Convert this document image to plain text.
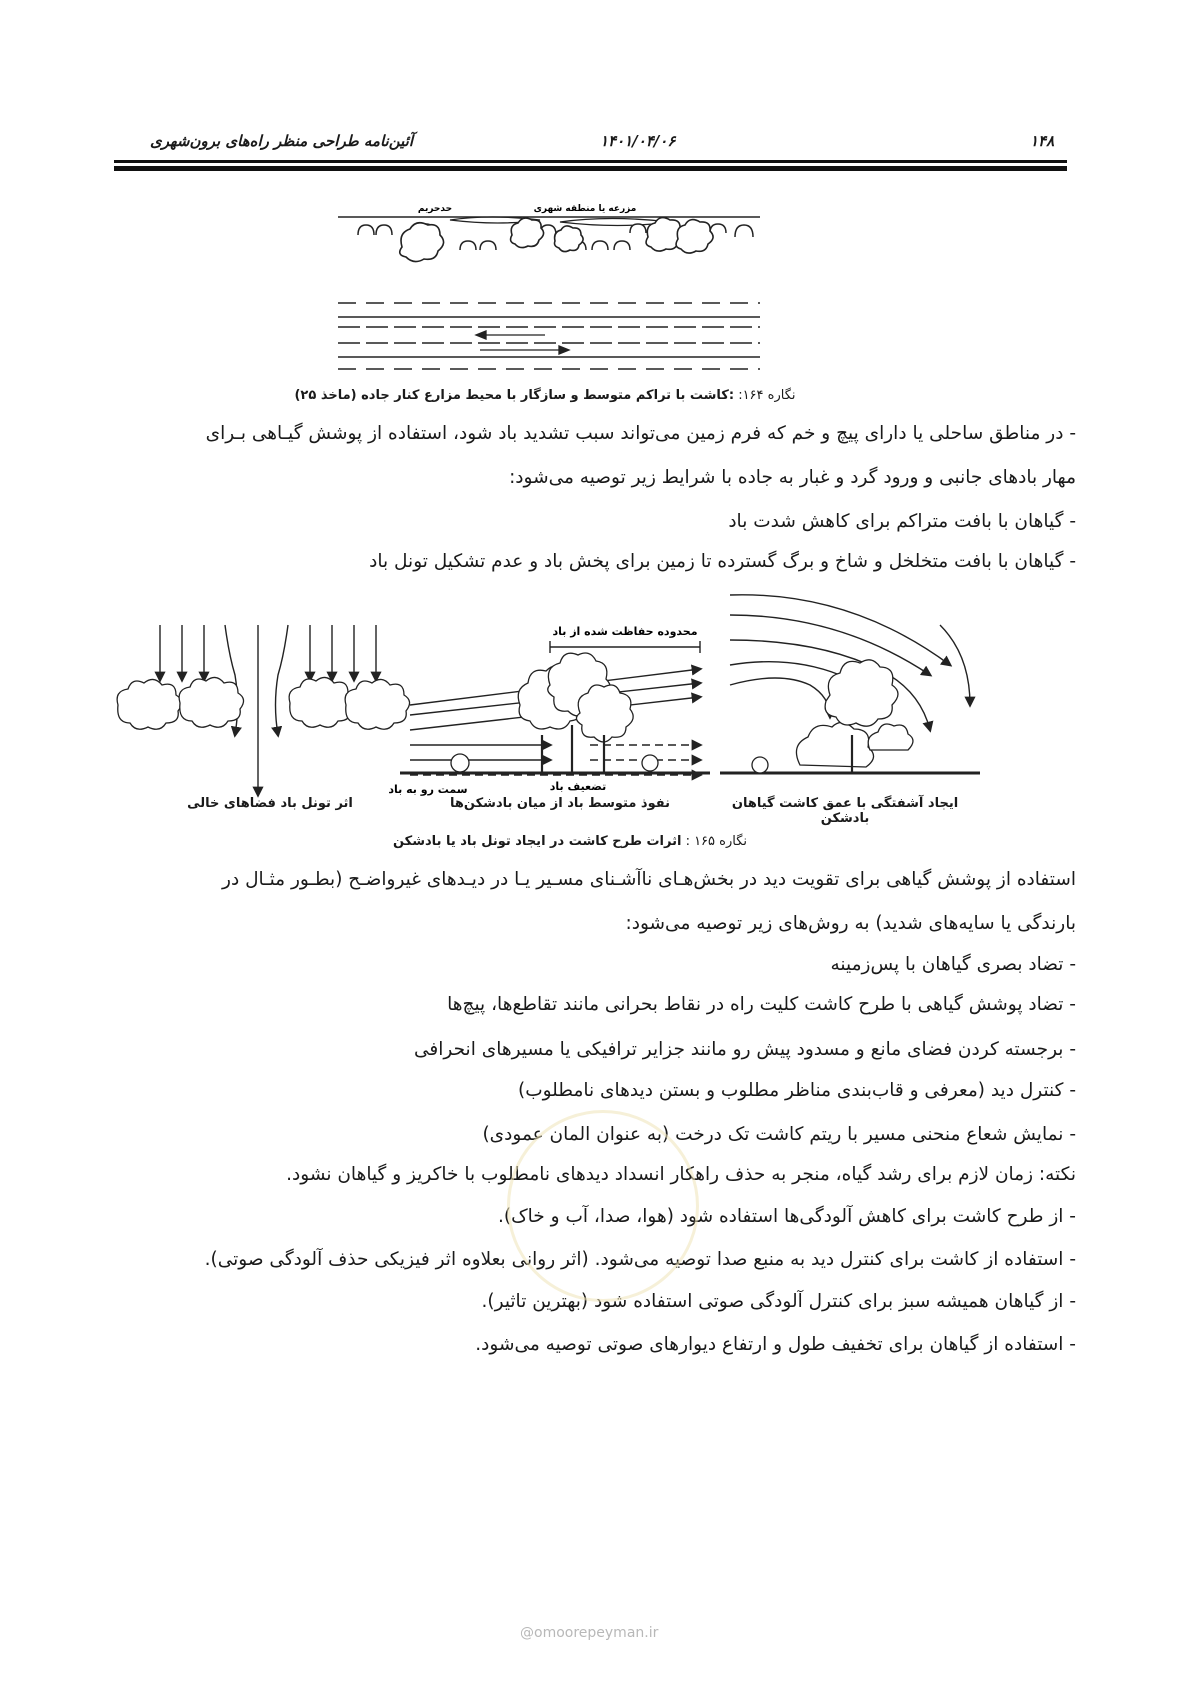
۱۴۸
۱۴۰۱/۰۴/۰۶
آئین‌نامه طراحی منظر راه‌های برون‌شهری
مزرعه یا منطقه شهری
حدحریم
نگاره ۱۶۴: :کاشت با تراکم متوسط و سازگار با محیط مزارع کنار جاده (ماخذ ۲۵)
- در مناطق ساحلی یا دارای پیچ و خم که فرم زمین می‌تواند سبب تشدید باد شود، استفاده از پوشش گیـاهی بـرای
مهار بادهای جانبی و ورود گرد و غبار به جاده با شرایط زیر توصیه می‌شود:
- گیاهان با بافت متراکم برای کاهش شدت باد
- گیاهان با بافت متخلخل و شاخ و برگ گسترده تا زمین برای پخش باد و عدم تشکیل تونل باد
محدوده حفاظت شده از باد
تضعیف باد
سمت رو به باد
ایجاد آشفتگی با عمق کاشت گیاهان بادشکن
نفوذ متوسط باد از میان بادشکن‌ها
اثر تونل باد فضاهای خالی
نگاره ۱۶۵ : اثرات طرح کاشت در ایجاد تونل باد یا بادشکن
استفاده از پوشش گیاهی برای تقویت دید در بخش‌هـای ناآشـنای مسـیر یـا در دیـدهای غیرواضـح (بطـور مثـال در
بارندگی یا سایه‌های شدید) به روش‌های زیر توصیه می‌شود:
- تضاد بصری گیاهان با پس‌زمینه
- تضاد پوشش گیاهی با طرح کاشت کلیت راه در نقاط بحرانی مانند تقاطع‌ها، پیچ‌ها
- برجسته کردن فضای مانع و مسدود پیش رو مانند جزایر ترافیکی یا مسیرهای انحرافی
- کنترل دید (معرفی و قاب‌بندی مناظر مطلوب و بستن دیدهای نامطلوب)
- نمایش شعاع منحنی مسیر با ریتم کاشت تک درخت (به عنوان المان عمودی)
نکته: زمان لازم برای رشد گیاه، منجر به حذف راهکار انسداد دیدهای نامطلوب با خاکریز و گیاهان نشود.
- از طرح کاشت برای کاهش آلودگی‌ها استفاده شود (هوا، صدا، آب و خاک).
- استفاده از کاشت برای کنترل دید به منبع صدا توصیه می‌شود. (اثر روانی بعلاوه اثر فیزیکی حذف آلودگی صوتی).
- از گیاهان همیشه سبز برای کنترل آلودگی صوتی استفاده شود (بهترین تاثیر).
- استفاده از گیاهان برای تخفیف طول و ارتفاع دیوارهای صوتی توصیه می‌شود.
@omoorepeyman.ir
